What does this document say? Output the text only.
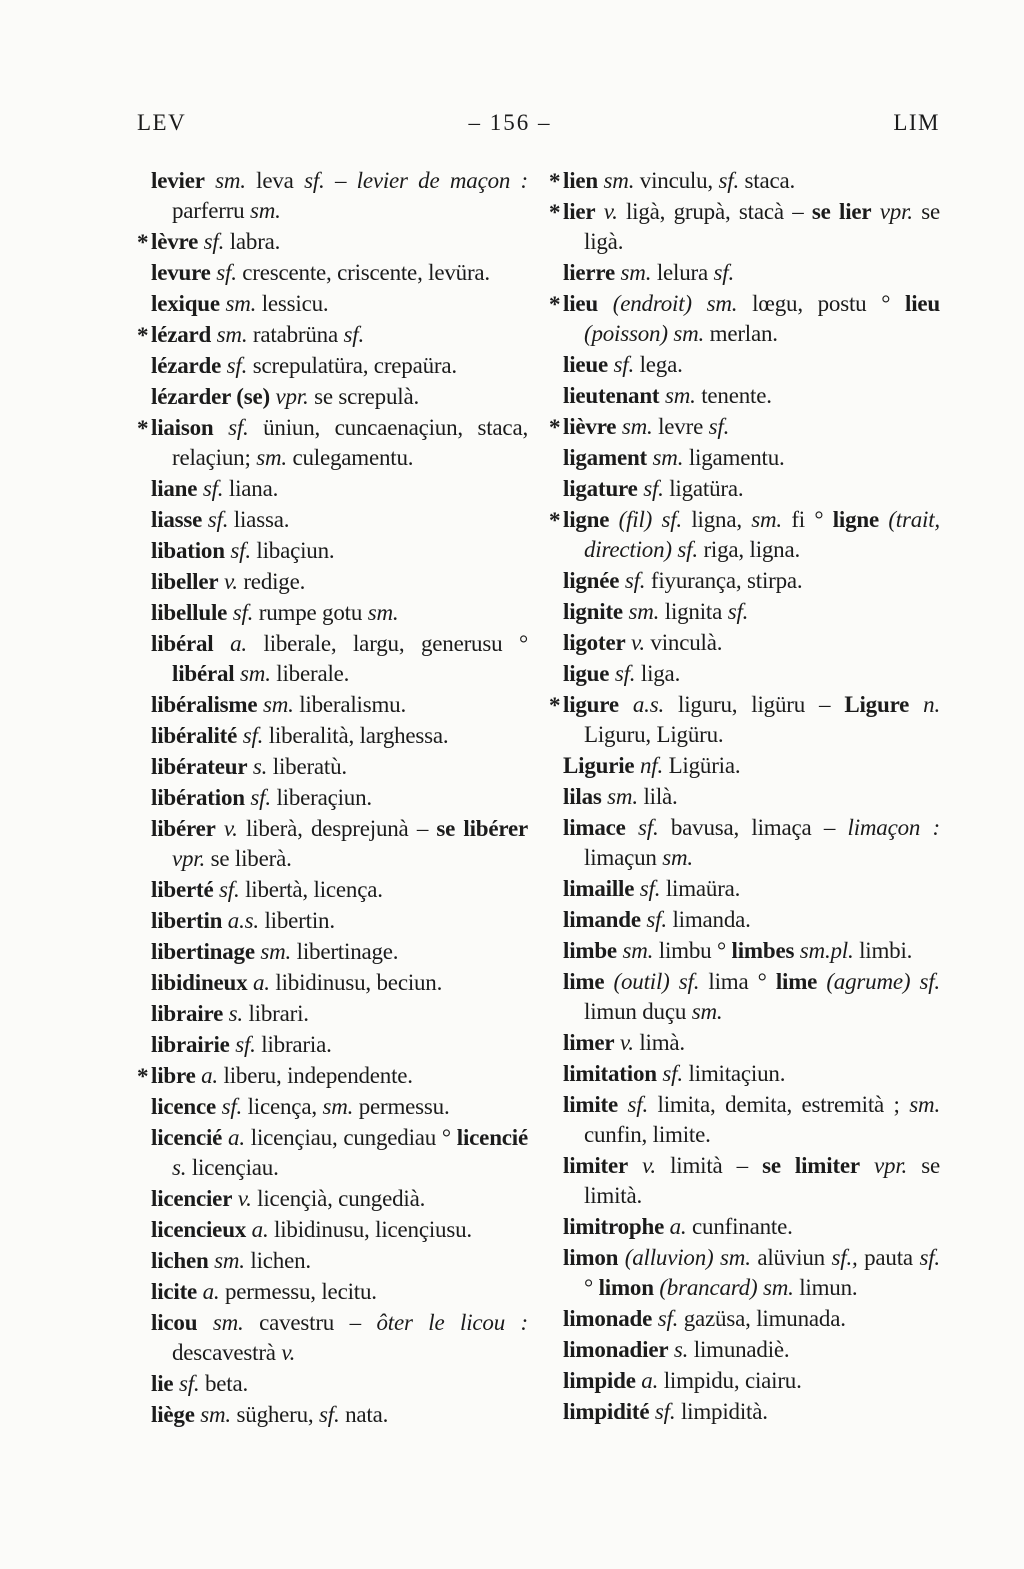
LEV	– 156 –	LIM
levier sm. leva sf. – levier de maçon : parferru sm.
* lèvre sf. labra.
levure sf. crescente, criscente, levüra.
lexique sm. lessicu.
* lézard sm. ratabrüna sf.
lézarde sf. screpulatüra, crepaüra.
lézarder (se) vpr. se screpulà.
* liaison sf. üniun, cuncaenaçiun, staca, relaçiun; sm. culegamentu.
liane sf. liana.
liasse sf. liassa.
libation sf. libaçiun.
libeller v. redige.
libellule sf. rumpe gotu sm.
libéral a. liberale, largu, generusu ° libéral sm. liberale.
libéralisme sm. liberalismu.
libéralité sf. liberalità, larghessa.
libérateur s. liberatù.
libération sf. liberaçiun.
libérer v. liberà, desprejunà – se libérer vpr. se liberà.
liberté sf. libertà, licença.
libertin a.s. libertin.
libertinage sm. libertinage.
libidineux a. libidinusu, beciun.
libraire s. librari.
librairie sf. libraria.
* libre a. liberu, independente.
licence sf. licença, sm. permessu.
licencié a. licençiau, cungediau ° licencié s. licençiau.
licencier v. licençià, cungedià.
licencieux a. libidinusu, licençiusu.
lichen sm. lichen.
licite a. permessu, lecitu.
licou sm. cavestru – ôter le licou : descavestrà v.
lie sf. beta.
liège sm. sügheru, sf. nata.
* lien sm. vinculu, sf. staca.
* lier v. ligà, grupà, stacà – se lier vpr. se ligà.
lierre sm. lelura sf.
* lieu (endroit) sm. lœgu, postu ° lieu (poisson) sm. merlan.
lieue sf. lega.
lieutenant sm. tenente.
* lièvre sm. levre sf.
ligament sm. ligamentu.
ligature sf. ligatüra.
* ligne (fil) sf. ligna, sm. fi ° ligne (trait, direction) sf. riga, ligna.
lignée sf. fiyurança, stirpa.
lignite sm. lignita sf.
ligoter v. vinculà.
ligue sf. liga.
* ligure a.s. liguru, ligüru – Ligure n. Liguru, Ligüru.
Ligurie nf. Ligüria.
lilas sm. lilà.
limace sf. bavusa, limaça – limaçon : limaçun sm.
limaille sf. limaüra.
limande sf. limanda.
limbe sm. limbu ° limbes sm.pl. limbi.
lime (outil) sf. lima ° lime (agrume) sf. limun duçu sm.
limer v. limà.
limitation sf. limitaçiun.
limite sf. limita, demita, estremità ; sm. cunfin, limite.
limiter v. limità – se limiter vpr. se limità.
limitrophe a. cunfinante.
limon (alluvion) sm. alüviun sf., pauta sf. ° limon (brancard) sm. limun.
limonade sf. gazüsa, limunada.
limonadier s. limunadiè.
limpide a. limpidu, ciairu.
limpidité sf. limpidità.
